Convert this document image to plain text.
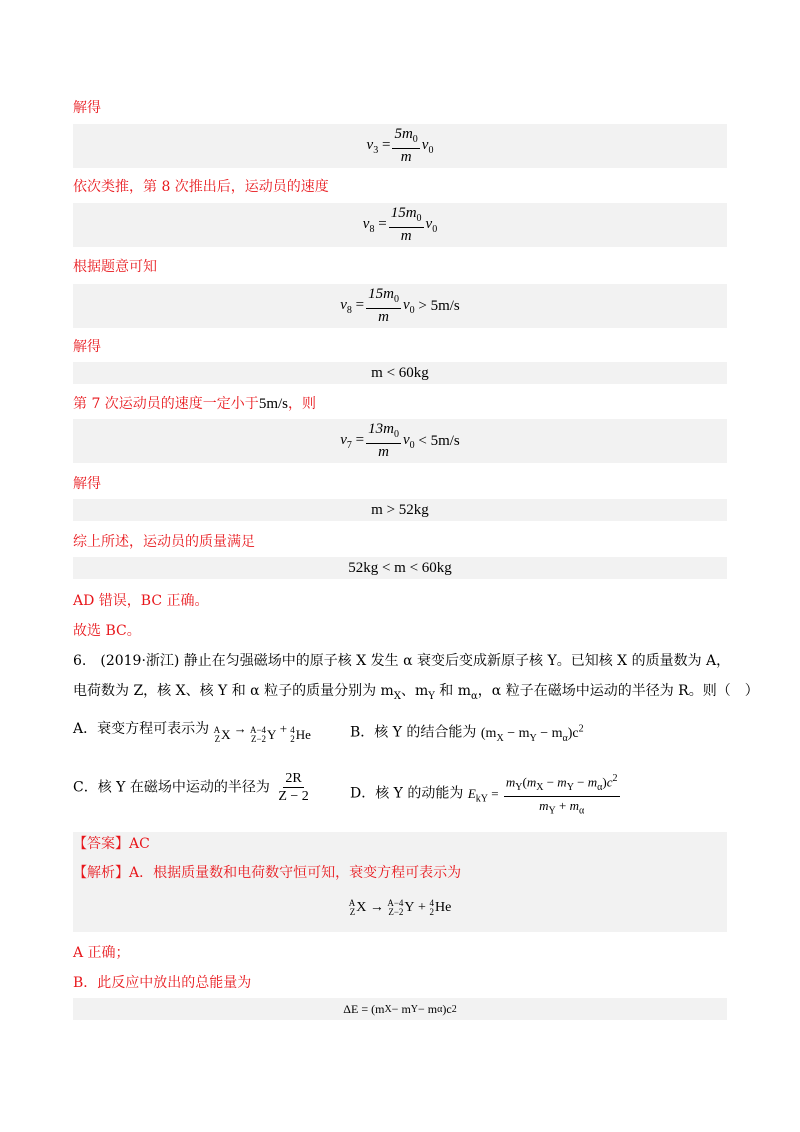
解得
$v_3 = \frac{5m_0}{m} v_0$
依次类推，第 8 次推出后，运动员的速度
$v_8 = \frac{15m_0}{m} v_0$
根据题意可知
$v_8 = \frac{15m_0}{m} v_0 > 5m/s$
解得
m < 60kg
第 7 次运动员的速度一定小于5m/s，则
$v_7 = \frac{13m_0}{m} v_0 < 5m/s$
解得
m > 52kg
综上所述，运动员的质量满足
52kg < m < 60kg
AD 错误，BC 正确。
故选 BC。
6.　(2019·浙江) 静止在匀强磁场中的原子核 X 发生 α 衰变后变成新原子核 Y。已知核 X 的质量数为 A，
电荷数为 Z，核 X、核 Y 和 α 粒子的质量分别为 $m_X$、$m_Y$ 和 $m_\alpha$，α 粒子在磁场中运动的半径为 R。则（　）
A．衰变方程可表示为 A
Z X → A−4
Z−2 Y + 4
2 He	B．核 Y 的结合能为 $(m_X - m_Y - m_\alpha)c^2$
C．核 Y 在磁场中运动的半径为 $\frac{2R}{Z - 2}$	D．核 Y 的动能为 $E_{kY} = \frac{m_Y(m_X - m_Y - m_\alpha)c^2}{m_Y + m_\alpha}$
【答案】AC
【解析】A．根据质量数和电荷数守恒可知，衰变方程可表示为
A
Z X → A−4
Z−2 Y + 4
2 He
A 正确；
B．此反应中放出的总能量为
ΔE = (m X − m Y − m α )c 2
